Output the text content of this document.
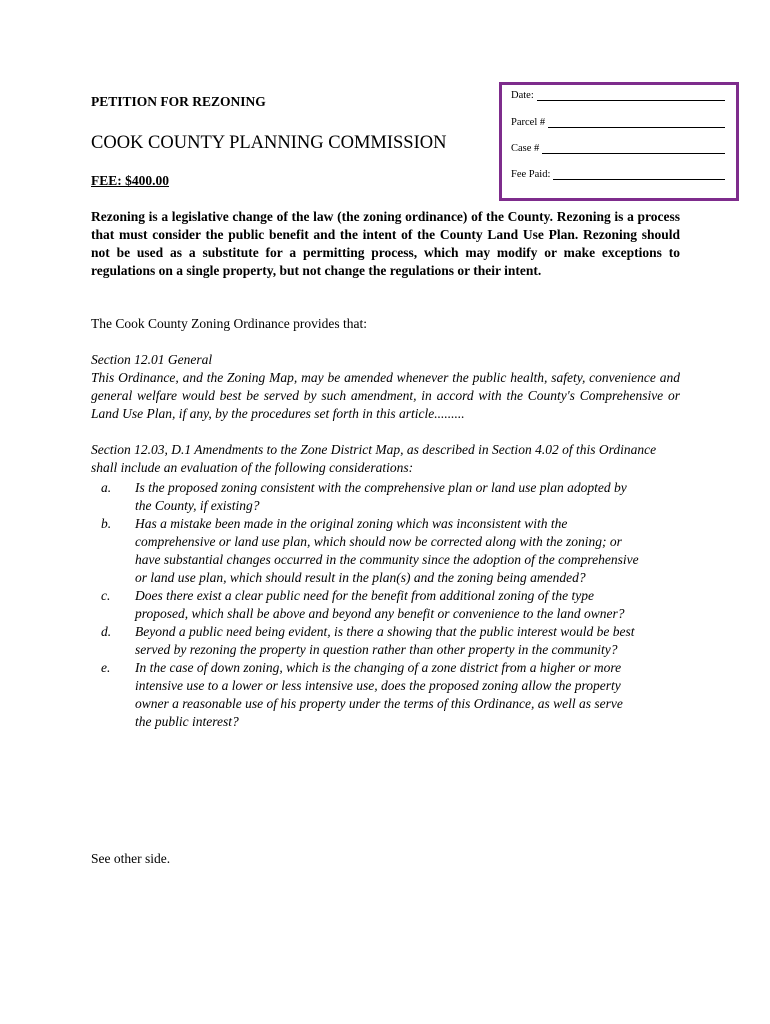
PETITION FOR REZONING
COOK COUNTY PLANNING COMMISSION
FEE: $400.00
Date:
Parcel #
Case #
Fee Paid:
Rezoning is a legislative change of the law (the zoning ordinance) of the County. Rezoning is a process that must consider the public benefit and the intent of the County Land Use Plan. Rezoning should not be used as a substitute for a permitting process, which may modify or make exceptions to regulations on a single property, but not change the regulations or their intent.
The Cook County Zoning Ordinance provides that:
Section 12.01 General
This Ordinance, and the Zoning Map, may be amended whenever the public health, safety, convenience and general welfare would best be served by such amendment, in accord with the County's Comprehensive or Land Use Plan, if any, by the procedures set forth in this article.........
Section 12.03, D.1 Amendments to the Zone District Map, as described in Section 4.02 of this Ordinance shall include an evaluation of the following considerations:
a.	Is the proposed zoning consistent with the comprehensive plan or land use plan adopted by the County, if existing?
b.	Has a mistake been made in the original zoning which was inconsistent with the comprehensive or land use plan, which should now be corrected along with the zoning; or have substantial changes occurred in the community since the adoption of the comprehensive or land use plan, which should result in the plan(s) and the zoning being amended?
c.	Does there exist a clear public need for the benefit from additional zoning of the type proposed, which shall be above and beyond any benefit or convenience to the land owner?
d.	Beyond a public need being evident, is there a showing that the public interest would be best served by rezoning the property in question rather than other property in the community?
e.	In the case of down zoning, which is the changing of a zone district from a higher or more intensive use to a lower or less intensive use, does the proposed zoning allow the property owner a reasonable use of his property under the terms of this Ordinance, as well as serve the public interest?
See other side.
